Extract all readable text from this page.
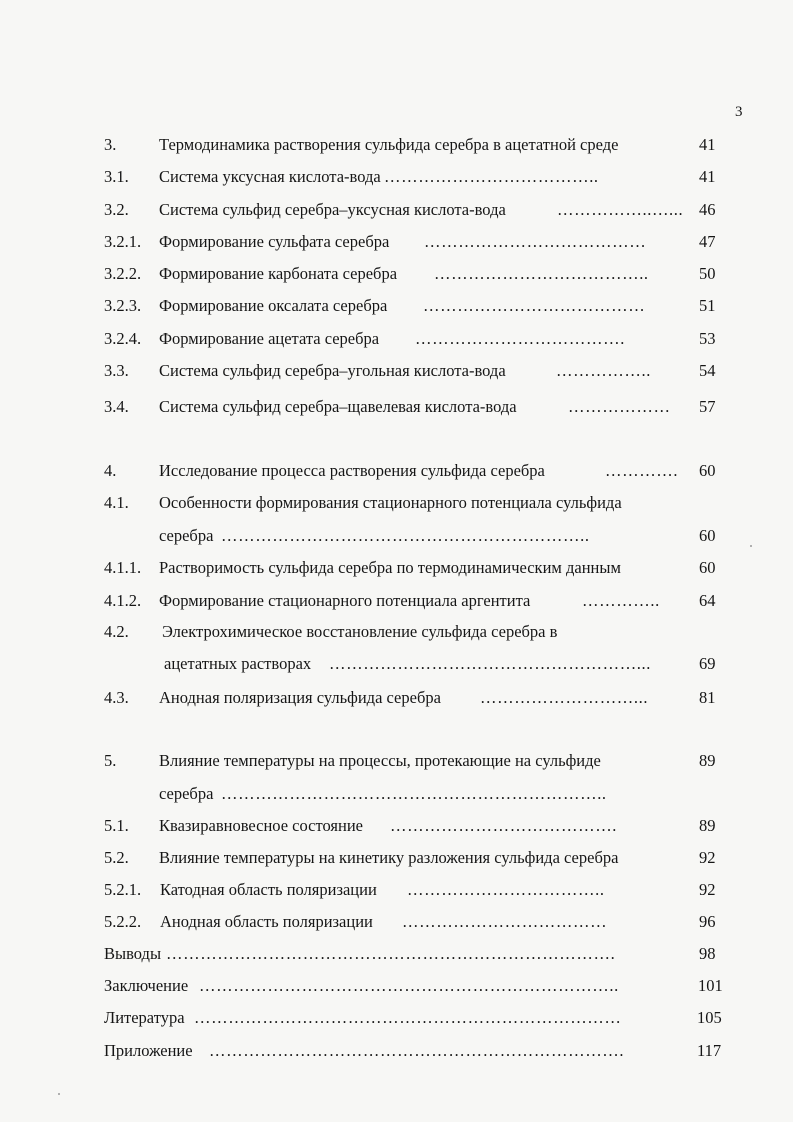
3
3.	Термодинамика растворения сульфида серебра в ацетатной среде	41
3.1. Система уксусная кислота-вода ………………………………..	41
3.2. Система сульфид серебра–уксусная кислота-вода	……………..…... 46
3.2.1. Формирование сульфата серебра …………………………………	47
3.2.2. Формирование карбоната серебра ………………………………..	50
3.2.3. Формирование оксалата серебра …………………………………	51
3.2.4. Формирование ацетата серебра ……………………………….	53
3.3. Система сульфид серебра–угольная кислота-вода	……………..	54
3.4. Система сульфид серебра–щавелевая кислота-вода	……………… 57
4.	Исследование процесса растворения сульфида серебра	…………. 60
4.1. Особенности формирования стационарного потенциала сульфида
серебра ………………………………………………………..	60
4.1.1. Растворимость сульфида серебра по термодинамическим данным	60
4.1.2. Формирование стационарного потенциала аргентита	………….. 64
4.2. Электрохимическое восстановление сульфида серебра в
ацетатных растворах ………………………………………………...	69
4.3. Анодная поляризация сульфида серебра ………………………...	81
5.	Влияние температуры на процессы, протекающие на сульфиде	89
серебра …………………………………………………………..
5.1. Квазиравновесное состояние ………………………………….	89
5.2. Влияние температуры на кинетику разложения сульфида серебра	92
5.2.1. Катодная область поляризации ……………………………..	92
5.2.2. Анодная область поляризации ………………………………	96
Выводы …………………………………………………………………….	98
Заключение ………………………………………………………………..	101
Литература …………………………………………………………………	105
Приложение ……………………………………………………………….	117
